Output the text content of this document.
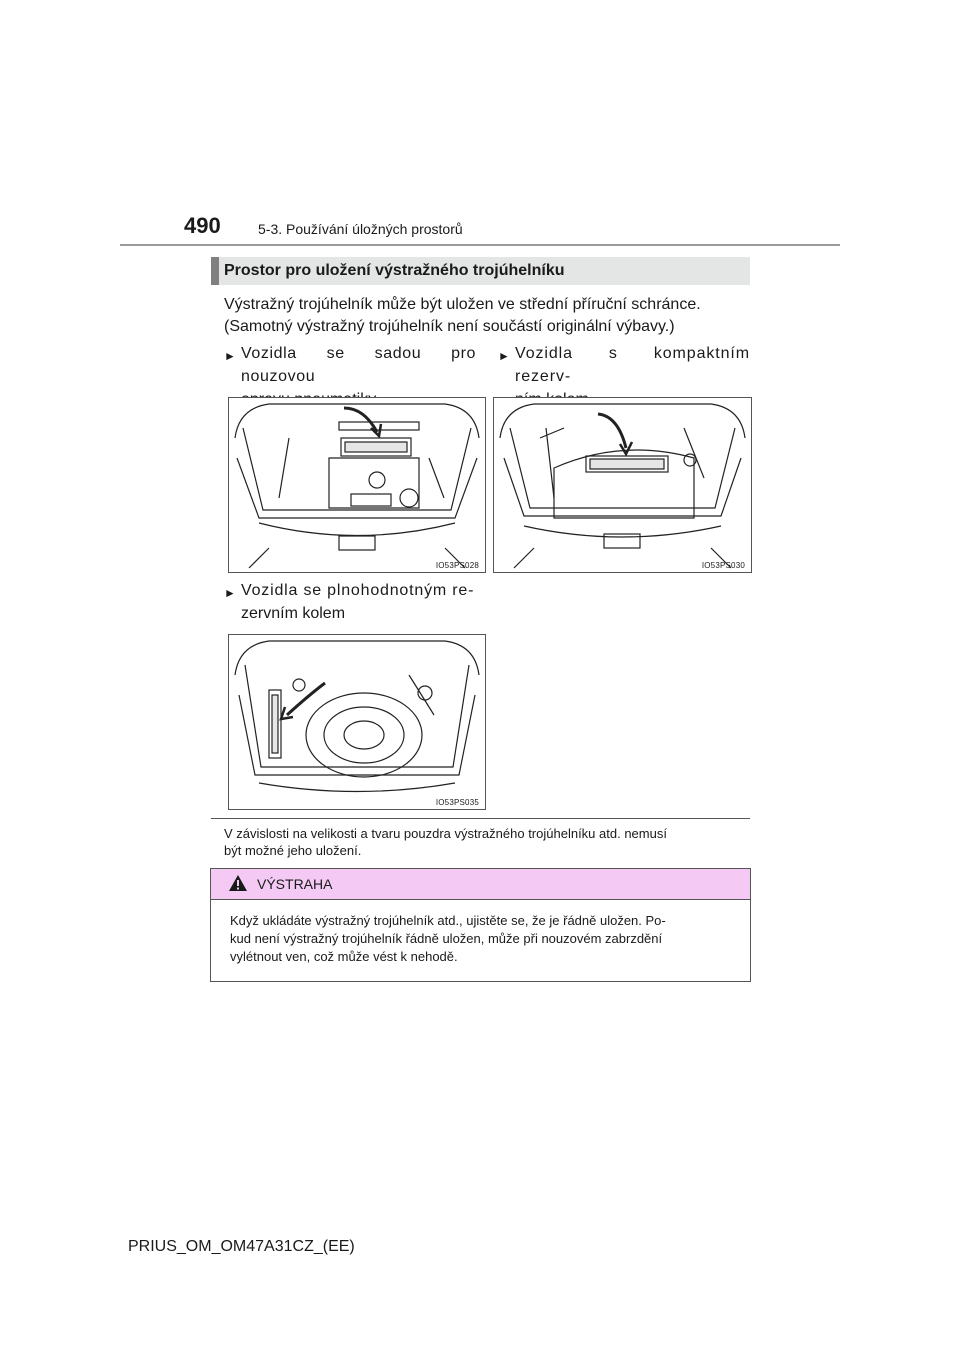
490	5-3. Používání úložných prostorů
Prostor pro uložení výstražného trojúhelníku

Výstražný trojúhelník může být uložen ve střední příruční schránce.

(Samotný výstražný trojúhelník není součástí originální výbavy.)

► Vozidla se sadou pro nouzovou
► Vozidla s kompaktním rezerv-
IO53PS028	IO53PS030
► Vozidla se plnohodnotným re-
zervním kolem
IO53PS035
V závislosti na velikosti a tvaru pouzdra výstražného trojúhelníku atd. nemusí
být možné jeho uložení.
VÝSTRAHA
Když ukládáte výstražný trojúhelník atd., ujistěte se, že je řádně uložen. Po-
kud není výstražný trojúhelník řádně uložen, může při nouzovém zabrzdění
vylétnout ven, což může vést k nehodě.
PRIUS_OM_OM47A31CZ_(EE)
